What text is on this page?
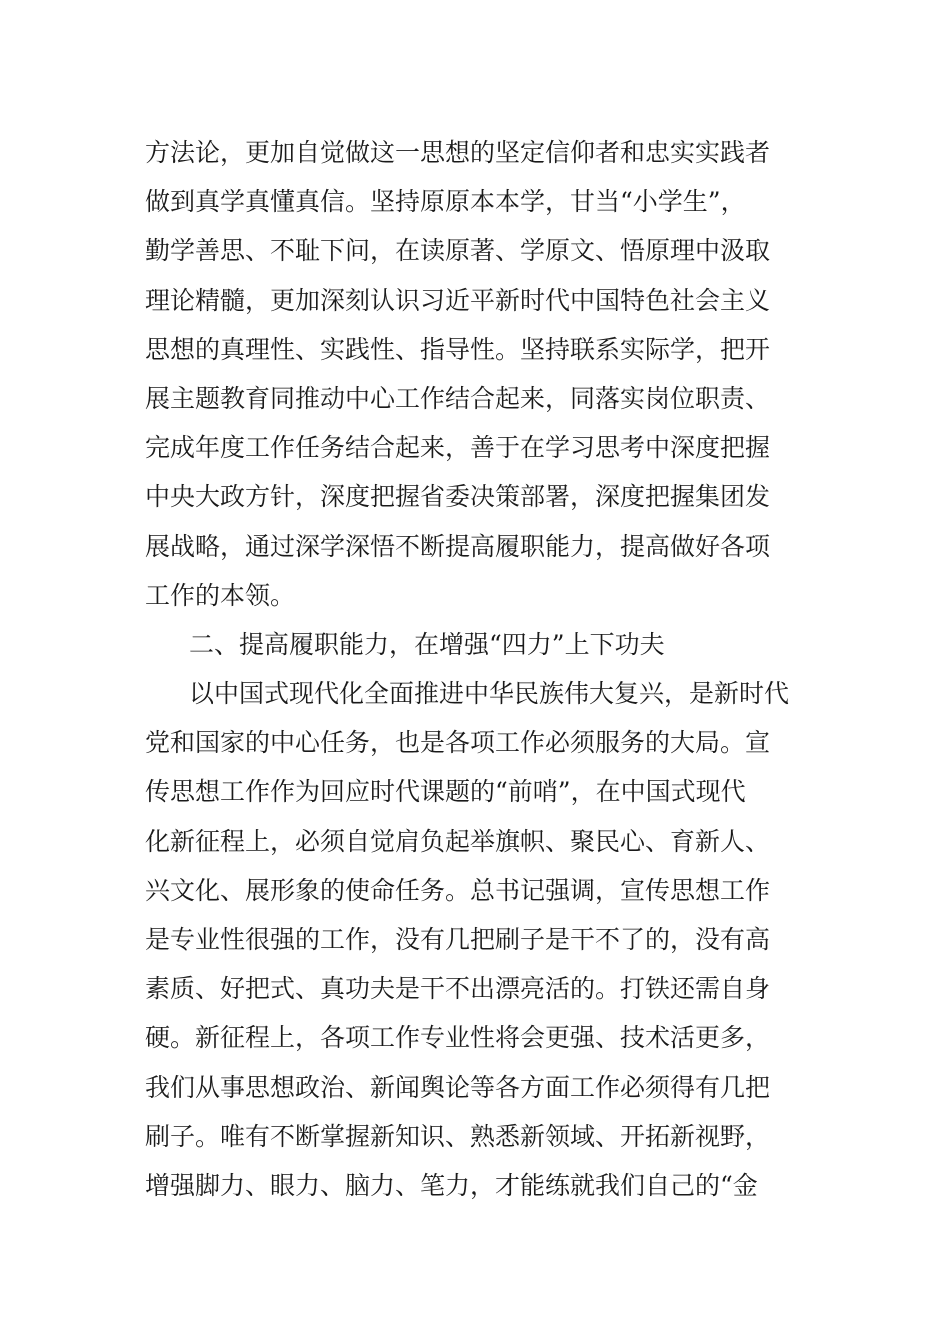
方法论，更加自觉做这一思想的坚定信仰者和忠实实践者
做到真学真懂真信。坚持原原本本学，甘当“小学生”，
勤学善思、不耻下问，在读原著、学原文、悟原理中汲取
理论精髓，更加深刻认识习近平新时代中国特色社会主义
思想的真理性、实践性、指导性。坚持联系实际学，把开
展主题教育同推动中心工作结合起来，同落实岗位职责、
完成年度工作任务结合起来，善于在学习思考中深度把握
中央大政方针，深度把握省委决策部署，深度把握集团发
展战略，通过深学深悟不断提高履职能力，提高做好各项
工作的本领。
二、提高履职能力，在增强“四力”上下功夫
以中国式现代化全面推进中华民族伟大复兴，是新时代
党和国家的中心任务，也是各项工作必须服务的大局。宣
传思想工作作为回应时代课题的“前哨”，在中国式现代
化新征程上，必须自觉肩负起举旗帜、聚民心、育新人、
兴文化、展形象的使命任务。总书记强调，宣传思想工作
是专业性很强的工作，没有几把刷子是干不了的，没有高
素质、好把式、真功夫是干不出漂亮活的。打铁还需自身
硬。新征程上，各项工作专业性将会更强、技术活更多，
我们从事思想政治、新闻舆论等各方面工作必须得有几把
刷子。唯有不断掌握新知识、熟悉新领域、开拓新视野，
增强脚力、眼力、脑力、笔力，才能练就我们自己的“金
